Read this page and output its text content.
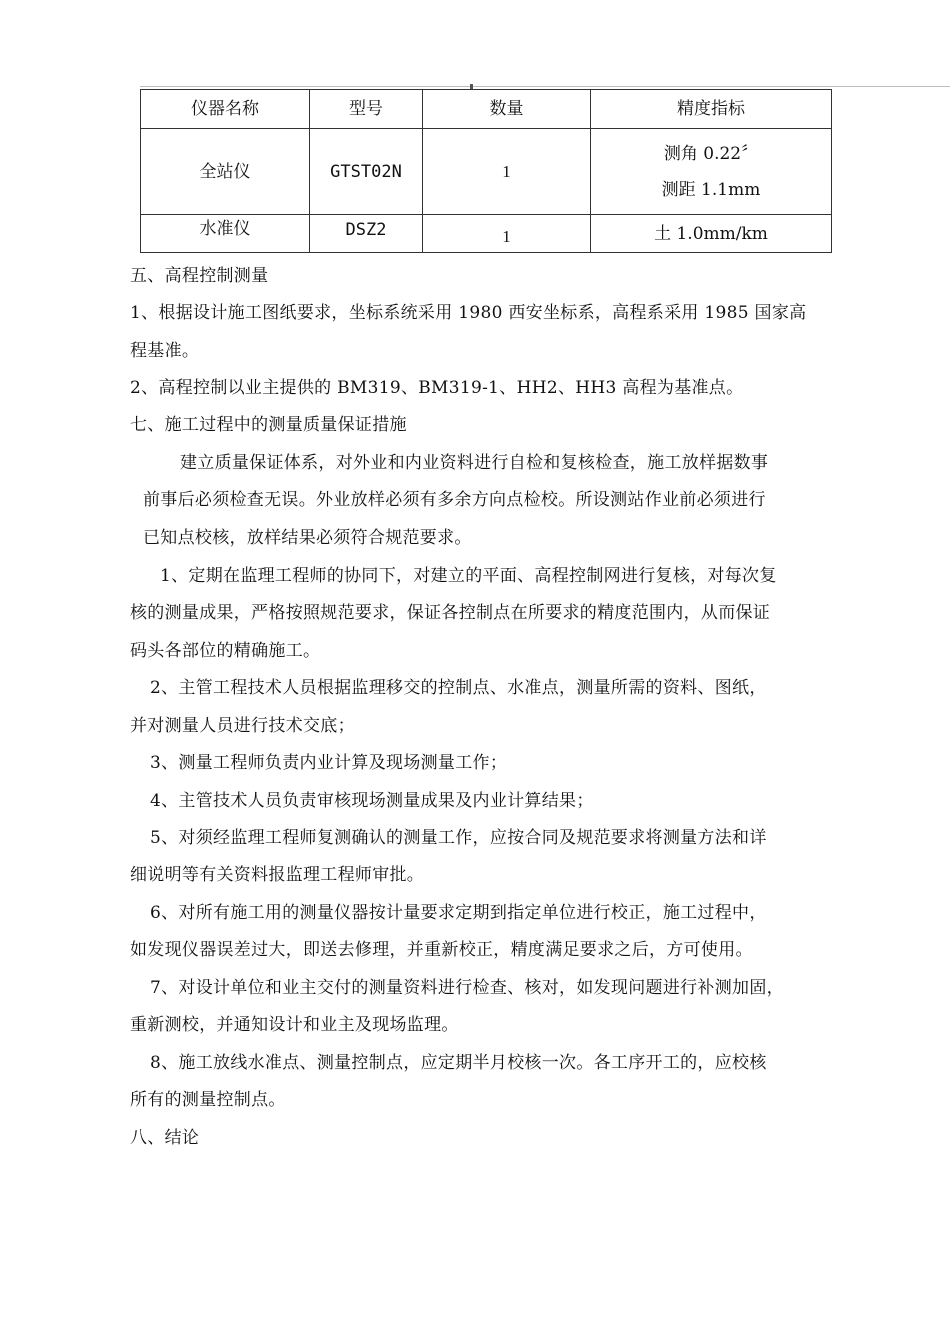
仪器名称	型号	数量	精度指标
全站仪	GTST02N	1	测角 0.22〞
测距 1.1mm

水准仪	DSZ2	1	土 1.0mm/km
五、高程控制测量
1、根据设计施工图纸要求，坐标系统采用 1980 西安坐标系，高程系采用 1985 国家高
程基准。
2、高程控制以业主提供的 BM319、BM319-1、HH2、HH3 高程为基准点。
七、施工过程中的测量质量保证措施
建立质量保证体系，对外业和内业资料进行自检和复核检查，施工放样据数事
前事后必须检查无误。外业放样必须有多余方向点检校。所设测站作业前必须进行
已知点校核，放样结果必须符合规范要求。
1、定期在监理工程师的协同下，对建立的平面、高程控制网进行复核，对每次复
核的测量成果，严格按照规范要求，保证各控制点在所要求的精度范围内，从而保证
码头各部位的精确施工。
2、主管工程技术人员根据监理移交的控制点、水准点，测量所需的资料、图纸，
并对测量人员进行技术交底；
3、测量工程师负责内业计算及现场测量工作；
4、主管技术人员负责审核现场测量成果及内业计算结果；
5、对须经监理工程师复测确认的测量工作，应按合同及规范要求将测量方法和详
细说明等有关资料报监理工程师审批。
6、对所有施工用的测量仪器按计量要求定期到指定单位进行校正，施工过程中，
如发现仪器误差过大，即送去修理，并重新校正，精度满足要求之后，方可使用。
7、对设计单位和业主交付的测量资料进行检查、核对，如发现问题进行补测加固，
重新测校，并通知设计和业主及现场监理。
8、施工放线水准点、测量控制点，应定期半月校核一次。各工序开工的，应校核
所有的测量控制点。
八、结论
